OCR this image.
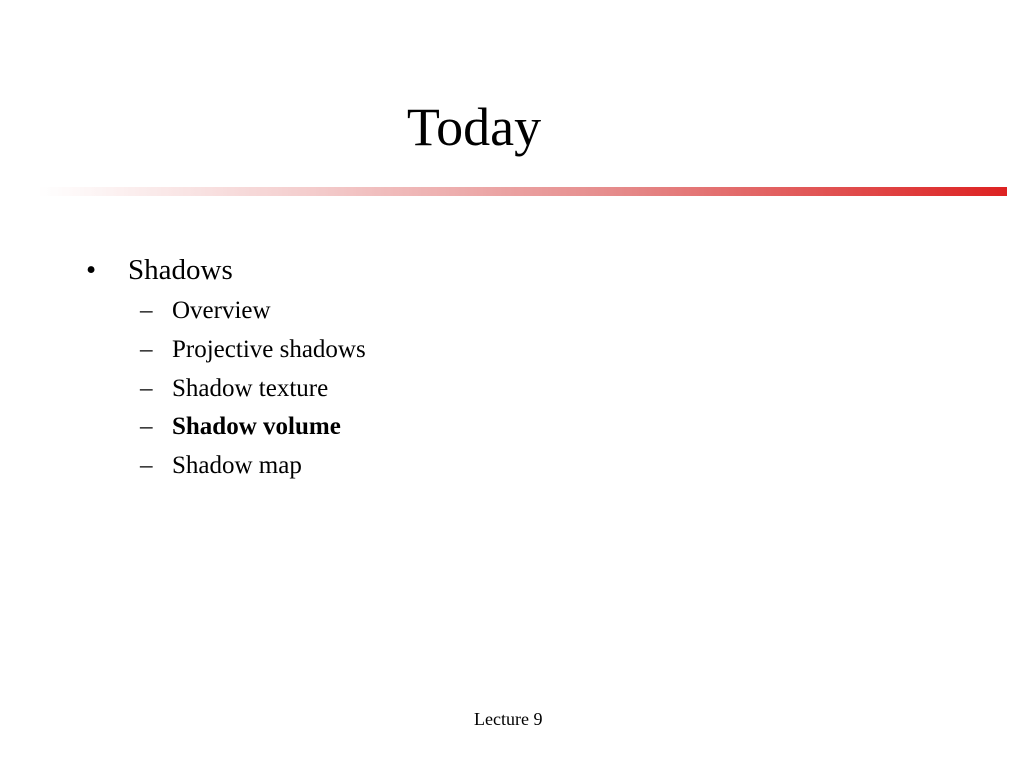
Today
•	Shadows
– Overview
– Projective shadows
– Shadow texture
– Shadow volume
– Shadow map
Lecture 9
